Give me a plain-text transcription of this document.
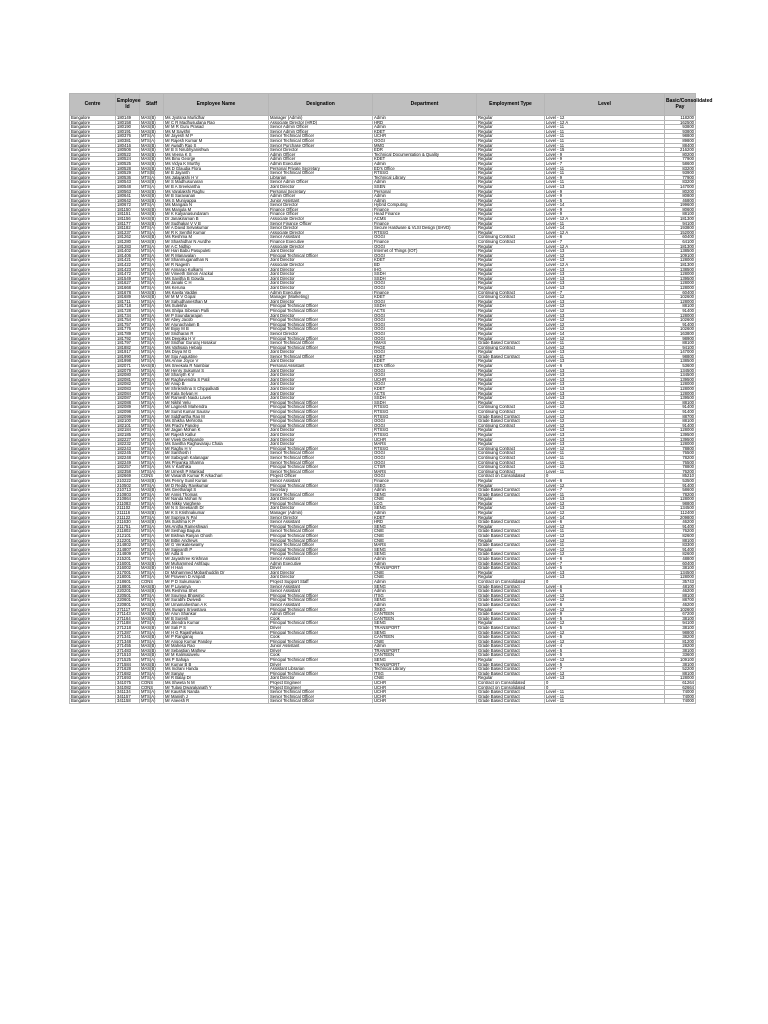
Centre	Employee Id	Staff	Employee Name	Designation	Department	Employment Type	Level	Basic/Consolidated Pay
Bangalore	180149	MAS(B)	Ms Jyotsna Murlidhar	Manager (Admin)	Admin	Regular	Level - 12	118200
Bangalore	180158	MAS(B)	Mr C R Madhusudana Rao	Associate Director (HRD)	HRD	Regular	Level - 12 A	162500
Bangalore	180190	MAS(B)	Mr M R Guru Prasad	Senior Admin Officer	Admin	Regular	Level - 11	93800
Bangalore	180191	MAS(B)	Ms M Savithri	Senior Admin Officer	KDET	Regular	Level - 11	93800
Bangalore	180376	MTS(A)	Mr Jayesh M P	Senior Technical Officer	UCHR	Regular	Level - 11	98800
Bangalore	180381	MTS(A)	Mr Rajesh Kumar M	Senior Technical Officer	OGGI	Regular	Level - 11	89800
Bangalore	180416	MAS(B)	Mr Awadh Rao S	Senior Purchase Officer	MMG	Regular	Level - 11	88400
Bangalore	180506	MAS(B)	Mr B S Nirubhyanishwa	Senior Director	EDR	Regular	Level - 15	216200
Bangalore	180522	MAS(B)	Ms Veena K S	Admin Officer	Technical Documentation & Quality	Regular	Level - 9	80200
Bangalore	180524	MAS(B)	Ms Binu George	Admin Officer	KDET	Regular	Level - 9	77900
Bangalore	180525	MAS(B)	Ms Vidya K Murthy	Admin Executive	Admin	Regular	Level - 7	58600
Bangalore	180528	MAS(B)	Ms D Glaudia Flora	Personal Private Secretary	ED's Office	Regular	Level - 11	83200
Bangalore	180529	MTS(B)	Mr B Jayanth	Senior Technical Officer	RTSSG	Regular	Level - 11	93900
Bangalore	180536	MTS(A)	Ms Jalajakshi H V	Librarian	Technical Library	Regular	Level - 9	77900
Bangalore	180543	MAS(B)	Mr S Madhusunaran	Senior Admin Officer	Admin	Regular	Level - 11	83200
Bangalore	180548	MTS(A)	Mr B A Sreekantha	Joint Director	SSEN	Regular	Level - 13	147000
Bangalore	180563	MAS(B)	Ms Varalakshi Raghu	Personal Secretary	Personal	Regular	Level - 9	80200
Bangalore	180641	MAS(B)	Mr B Saravanan	Admin Officer	Admin	Regular	Level - 9	80800
Bangalore	180642	MAS(B)	Ms S Muniyappa	Junior Assistant	Admin	Regular	Level - 5	46800
Bangalore	180672	MTS(A)	Ms Mangala N	Senior Director	Hybrid Computing	Regular	Level - 14	199600
Bangalore	181150	MAS(B)	Ms Manjula M	Finance Officer	Finance	Regular	Level - 9	80600
Bangalore	181151	MAS(B)	Mr K Kalyanasundaram	Finance Officer	Head Finance	Regular	Level - 9	88100
Bangalore	181156	MAS(B)	Dr Janakiraman B	Associate Director	ACMS	Regular	Level - 12 A	181300
Bangalore	181177	MAS(B)	Mr Sudhakar V V B	Senior Finance Officer	Finance	Regular	Level - 11	94100
Bangalore	181182	MTS(A)	Mr A David Selvakumar	Senior Director	Secure Hardware & VLSI Design (SHVD)	Regular	Level - 14	193800
Bangalore	181237	MTS(A)	Mr R K Senthil Kumar	Associate Director	RTSSG	Regular	Level - 12 A	152000
Bangalore	181262	MAS(B)	Ms Reshma M	Senior Assistant	OGGI	Continuing Contract	Level - 6	60400
Bangalore	181280	MAS(B)	Mr Shashidhar N Aurdhe	Finance Executive	Finance	Continuing Contract	Level - 7	64100
Bangalore	181283	MTS(A)	Mr A C Nidhip	Associate Director	OGGI	Regular	Level - 12 A	181300
Bangalore	181402	MTS(A)	Mr Hari Babu Pasupuleti	Joint Director	Internet of Things (IOT)	Regular	Level - 13	138500
Bangalore	181406	MTS(A)	Mr R Manavalan	Principal Technical Officer	OGGI	Regular	Level - 12	109100
Bangalore	181421	MTS(A)	Mr Shanmuganathan N	Joint Director	KDET	Regular	Level - 13	128000
Bangalore	181422	MTS(A)	Mr R Nagesh	Associate Director	BD	Regular	Level - 12 A	181300
Bangalore	181423	MTS(A)	Mr Annarao Kulkarni	Joint Director	IHG	Regular	Level - 13	138500
Bangalore	181472	MTS(A)	Mr Vineeth Simon Arackal	Joint Director	SSDH	Regular	Level - 13	128000
Bangalore	181549	MTS(A)	Ms Savitha B Gowda	Joint Director	SSDH	Regular	Level - 13	139500
Bangalore	181627	MTS(A)	Mr Janaki C H	Joint Director	OGGI	Regular	Level - 13	128000
Bangalore	181668	MTS(A)	Ms Keruna	Joint Director	OGGI	Regular	Level - 13	128000
Bangalore	181678	MAS(B)	Ms Kavita Vaddei	Admin Executive	Finance	Continuing Contract	Level - 7	60400
Bangalore	181689	MAS(B)	Mr M M V Gopal	Manager (Marketing)	KDET	Continuing Contract	Level - 12	102600
Bangalore	181711	MTS(A)	Mr Sahudhanesthan M	Joint Director	OGGI	Regular	Level - 13	128000
Bangalore	181718	MTS(A)	Ms Sulekha	Principal Technical Officer	SSDH	Regular	Level - 12	88100
Bangalore	181728	MTS(A)	Ms Shilpa Sibesan Palli	Principal Technical Officer	ACTS	Regular	Level - 12	91400
Bangalore	181734	MTS(A)	Mr P Soundararajan	Joint Director	OGGI	Regular	Level - 13	128000
Bangalore	181754	MTS(A)	Mr Abey Jacob	Principal Technical Officer	OGGI	Regular	Level - 12	102600
Bangalore	181757	MTS(A)	Mr Arunachalam B	Principal Technical Officer	OGGI	Regular	Level - 12	91400
Bangalore	181776	MTS(A)	Mr Bijoy M B	Principal Technical Officer	OGGI	Regular	Level - 12	102600
Bangalore	181789	MTS(A)	Mr Sridharan R	Senior Director	OGGI	Regular	Level - 14	163800
Bangalore	181792	MTS(A)	Ms Deepika H V	Principal Technical Officer	OGGI	Regular	Level - 12	98900
Bangalore	181797	MTS(A)	Mr Sridhar Gururaj Hosakur	Senior Technical Officer	NMAS	Grade Based Contract	Level - 11	88100
Bangalore	181882	MTS(A)	Ms Vathsala Hebalji	Principal Technical Officer	PAGE	Continuing Contract	Level - 12	94100
Bangalore	181917	MTS(A)	Ms Divya M G	Joint Director	OGGI	Regular	Level - 13	147000
Bangalore	181990	MTS(A)	Mr Siju Augustine	Senior Technical Officer	KDET	Grade Based Contract	Level - 11	98800
Bangalore	181998	MTS(A)	Ms Annie Joyce V	Joint Director	KDET	Regular	Level - 13	138500
Bangalore	182071	MAS(B)	Ms Sreekala R Nambiar	Personal Assistant	ED's Office	Regular	Level - 6	53600
Bangalore	182079	MTS(A)	Mr Henry Sukumar S	Joint Director	OGGI	Regular	Level - 13	134500
Bangalore	182080	MTS(A)	Mr Shanyth K V	Joint Director	OGGI	Regular	Level - 13	134500
Bangalore	182081	MTS(A)	Mr Raghavendra S Patil	Joint Director	UCHR	Regular	Level - 13	139500
Bangalore	182082	MTS(A)	Mr Anup B	Joint Director	OGGI	Regular	Level - 13	128000
Bangalore	182083	MTS(A)	Mr Shrikrishna S Chippalkatti	Joint Director	KDET	Regular	Level - 13	128000
Bangalore	182084	MTS(A)	Mr Kala Selvan H	Joint Director	ACTS	Regular	Level - 13	128000
Bangalore	182087	MTS(A)	Mr Ramesh Naidu Laveti	Joint Director	SSDH	Regular	Level - 13	139500
Bangalore	182088	MTS(A)	Mr Nikhil Velu	Principal Technical Officer	SSDH	Regular	Level - 12	88100
Bangalore	182089	MTS(A)	Mr Lagnesh Mahendra	Principal Technical Officer	RTSSG	Continuing Contract	Level - 12	91400
Bangalore	182098	MTS(A)	Mr Sumit Kumar Saurav	Principal Technical Officer	RTSSG	Continuing Contract	Level - 12	91400
Bangalore	182099	MTS(A)	Mr Siddhartha Rao M	Principal Technical Officer	RTSSG	Grade Based Contract	Level - 12	88700
Bangalore	182100	MTS(A)	Ms Shikha Mehrotra	Principal Technical Officer	OGGI	Grade Based Contract	Level - 12	88100
Bangalore	182101	MTS(A)	Ms Prachi Pandey	Principal Technical Officer	OGGI	Continuing Contract	Level - 12	91400
Bangalore	182184	MTS(A)	Mr Jagan Mohan K	Joint Director	RTSSG	Regular	Level - 13	128000
Bangalore	182185	MTS(A)	Mr Rajesh Kallur	Joint Director	RTSSG	Regular	Level - 13	139500
Bangalore	182227	MTS(A)	Mr Vivek Deshpande	Joint Director	UCHR	Regular	Level - 13	139500
Bangalore	182232	MTS(A)	Ms Savitha Raghavaraju Chala	Joint Director	MARS	Regular	Level - 13	128000
Bangalore	182243	MTS(A)	Mr Raghu H V	Principal Technical Officer	RTSSG	Continuing Contract	Level - 12	78800
Bangalore	182245	MTS(A)	Mr Santhosh I	Senior Technical Officer	OGGI	Continuing Contract	Level - 11	76500
Bangalore	182248	MTS(A)	Mr Sabiqyah Kalanagar	Senior Technical Officer	OGGI	Continuing Contract	Level - 11	78200
Bangalore	182249	MTS(A)	Ms Priyanka Sharma	Senior Technical Officer	OGGI	Continuing Contract	Level - 11	76500
Bangalore	182257	MTS(A)	Ms V Karthika	Principal Technical Officer	CTSR	Continuing Contract	Level - 12	78800
Bangalore	182358	MTS(A)	Mr Umesh P Mankad	Senior Technical Officer	MARS	Continuing Contract	Level - 11	76200
Bangalore	182669	CONS	Mr Vasanth Kumar R Arkachari	Project Officer	OGGI	Contract on Consolidated	0	85210
Bangalore	210222	MAS(B)	Ms Penny Sunil Kurian	Senior Assistant	Finance	Regular	Level - 6	53500
Bangalore	210502	MTS(A)	Mr D Reddy Ravikumar	Principal Technical Officer	SSEG	Regular	Level - 12	91400
Bangalore	210713	MAS(B)	Ms Geetharajit S	Secretary	Admin	Grade Based Contract	Level - 7	58600
Bangalore	210803	MTS(A)	Mr Annis Thomas	Senior Technical Officer	SENG	Grade Based Contract	Level - 11	78200
Bangalore	210864	MTS(A)	Mr Nanda Mohan N	Joint Director	CNIE	Regular	Level - 13	128000
Bangalore	211083	MTS(A)	Ms Nikky Varghese	Principal Technical Officer	LCG	Regular	Level - 12	98800
Bangalore	211102	MTS(A)	Mr N S Sreekanth Dr	Joint Director	SENG	Regular	Level - 13	134500
Bangalore	211116	MAS(B)	Mr K S Krishnakumar	Manager (Admin)	Admin	Regular	Level - 12	112400
Bangalore	211122	MTS(A)	Mr Supriya N Pal	Senior Director	KDET	Regular	Level - 14	209800
Bangalore	211630	MAS(B)	Ms Sushma K P	Senior Assistant	HRD	Grade Based Contract	Level - 6	46200
Bangalore	211751	MTS(A)	Ms Anitha Rameshwari	Principal Technical Officer	SENG	Regular	Level - 12	91400
Bangalore	211802	MTS(A)	Mr Seshajji Bagura	Senior Technical Officer	CNIE	Grade Based Contract	Level - 11	76200
Bangalore	212101	MTS(A)	Mr Bishwa Ranjan Ghosh	Principal Technical Officer	CNIE	Grade Based Contract	Level - 12	82600
Bangalore	212201	MTS(A)	Mr Bittin Andrews	Principal Technical Officer	CNIE	Regular	Level - 12	88100
Bangalore	214802	MTS(A)	Mr G Venkateswamy	Senior Technical Officer	MARS	Grade Based Contract	Level - 11	83300
Bangalore	214807	MTS(A)	Mr Sajiyanth P	Principal Technical Officer	SENG	Regular	Level - 12	91400
Bangalore	214809	MTS(A)	Mr Adla S	Principal Technical Officer	SENG	Grade Based Contract	Level - 12	82600
Bangalore	215201	MTS(A)	Mr Jayashree Krishnan	Senior Assistant	Admin	Grade Based Contract	Level - 6	48800
Bangalore	216001	MAS(B)	Mr Muhammed Ashfaqu	Admin Executive	Admin	Grade Based Contract	Level - 7	60400
Bangalore	216002	MAS(B)	Mr H Hari	Driver	TRANSPORT	Grade Based Contract	Level - 5	38100
Bangalore	217001	MTS(A)	Dr Mohammed Mobashuddin Dr	Joint Director	CNIE	Regular	Level - 13	134500
Bangalore	218001	MTS(A)	Mr Praveen D Ampatt	Joint Director	CNIE	Regular	Level - 13	128000
Bangalore	218601	CONS	Mr P D Sukumaran	Project Support Staff	Admin	Contract on Consolidated	0	35743
Bangalore	218801	MAS(B)	Mr P Lavanya	Senior Assistant	SENG	Grade Based Contract	Level - 6	48100
Bangalore	220201	MAS(B)	Ms Reshma Shet	Senior Assistant	Admin	Grade Based Contract	Level - 6	46200
Bangalore	220501	MTS(A)	Mr Soumya Bhowmic	Principal Technical Officer	ITSG	Grade Based Contract	Level - 12	88100
Bangalore	220601	MTS(A)	Mr Surabhi Dwivedi	Principal Technical Officer	SENG	Grade Based Contract	Level - 12	88700
Bangalore	220801	MAS(B)	Mr Umamaheshan A K	Senior Assistant	Admin	Grade Based Contract	Level - 6	46200
Bangalore	271117	MTS(A)	Ms Swapni Srivastava	Principal Technical Officer	SSEG	Regular	Level - 12	102600
Bangalore	271143	MAS(B)	Mr Arun Shankar	Admin Officer	CANTEEN	Grade Based Contract	Level - 9	67200
Bangalore	271164	MAS(B)	Mr B Suresh	Cook	CANTEEN	Grade Based Contract	Level - 5	38100
Bangalore	271188	MTS(A)	Mr Jitendra Kumar	Principal Technical Officer	SENG	Regular	Level - 12	94100
Bangalore	271218	MAS(B)	Mr Sali P S	Driver	TRANSPORT	Grade Based Contract	Level - 5	38100
Bangalore	271287	MTS(A)	Mr H G Rajashekara	Principal Technical Officer	SENG	Grade Based Contract	Level - 12	98800
Bangalore	271341	MAS(B)	Mr P Ranganaj	Cook	CANTEEN	Grade Based Contract	Level - 5	38200
Bangalore	271348	MTS(A)	Mr Anoop Kumar Pandey	Principal Technical Officer	CNIE	Grade Based Contract	Level - 12	81200
Bangalore	271455	MAS(B)	Mr Mahesa Rao	Junior Assistant	Admin	Grade Based Contract	Level - 4	28200
Bangalore	271483	MAS(B)	Mr Sebastian Mathew	Driver	TRANSPORT	Grade Based Contract	Level - 5	38100
Bangalore	271510	MAS(B)	Mr M Kalimalavelu	Cook	CANTEEN	Grade Based Contract	Level - 5	33600
Bangalore	271525	MTS(A)	Ms P Sahaja	Principal Technical Officer	SENG	Regular	Level - 12	109100
Bangalore	271584	MAS(B)	Mr Kumar B B	Driver	TRANSPORT	Grade Based Contract	Level - 5	38100
Bangalore	271628	MAS(B)	Ms Indrani Handa	Assistant Librarian	Technical Library	Grade Based Contract	Level - 7	52200
Bangalore	271682	MTS(A)	Mr Sanjay	Principal Technical Officer	ITSG	Grade Based Contract	Level - 12	88100
Bangalore	271693	MTS(A)	Mr R Balaji Dr	Joint Director	CNIE	Regular	Level - 13	128000
Bangalore	341075	CONS	Ms Shweta N M	Project Engineer	UCHR	Contract on Consolidated	0	61264
Bangalore	341082	CONS	Mr Tulasi Dwarakanath Y	Project Engineer	UCHR	Contract on Consolidated	0	62664
Bangalore	341134	MTS(A)	Mr Kaushik Nanda	Senior Technical Officer	UCHR	Grade Based Contract	Level - 11	74000
Bangalore	341157	MTS(A)	Mr Manish J	Senior Technical Officer	UCHR	Grade Based Contract	Level - 11	74000
Bangalore	341158	MTS(A)	Mr Aneesh R	Senior Technical Officer	UCHR	Grade Based Contract	Level - 11	74000
